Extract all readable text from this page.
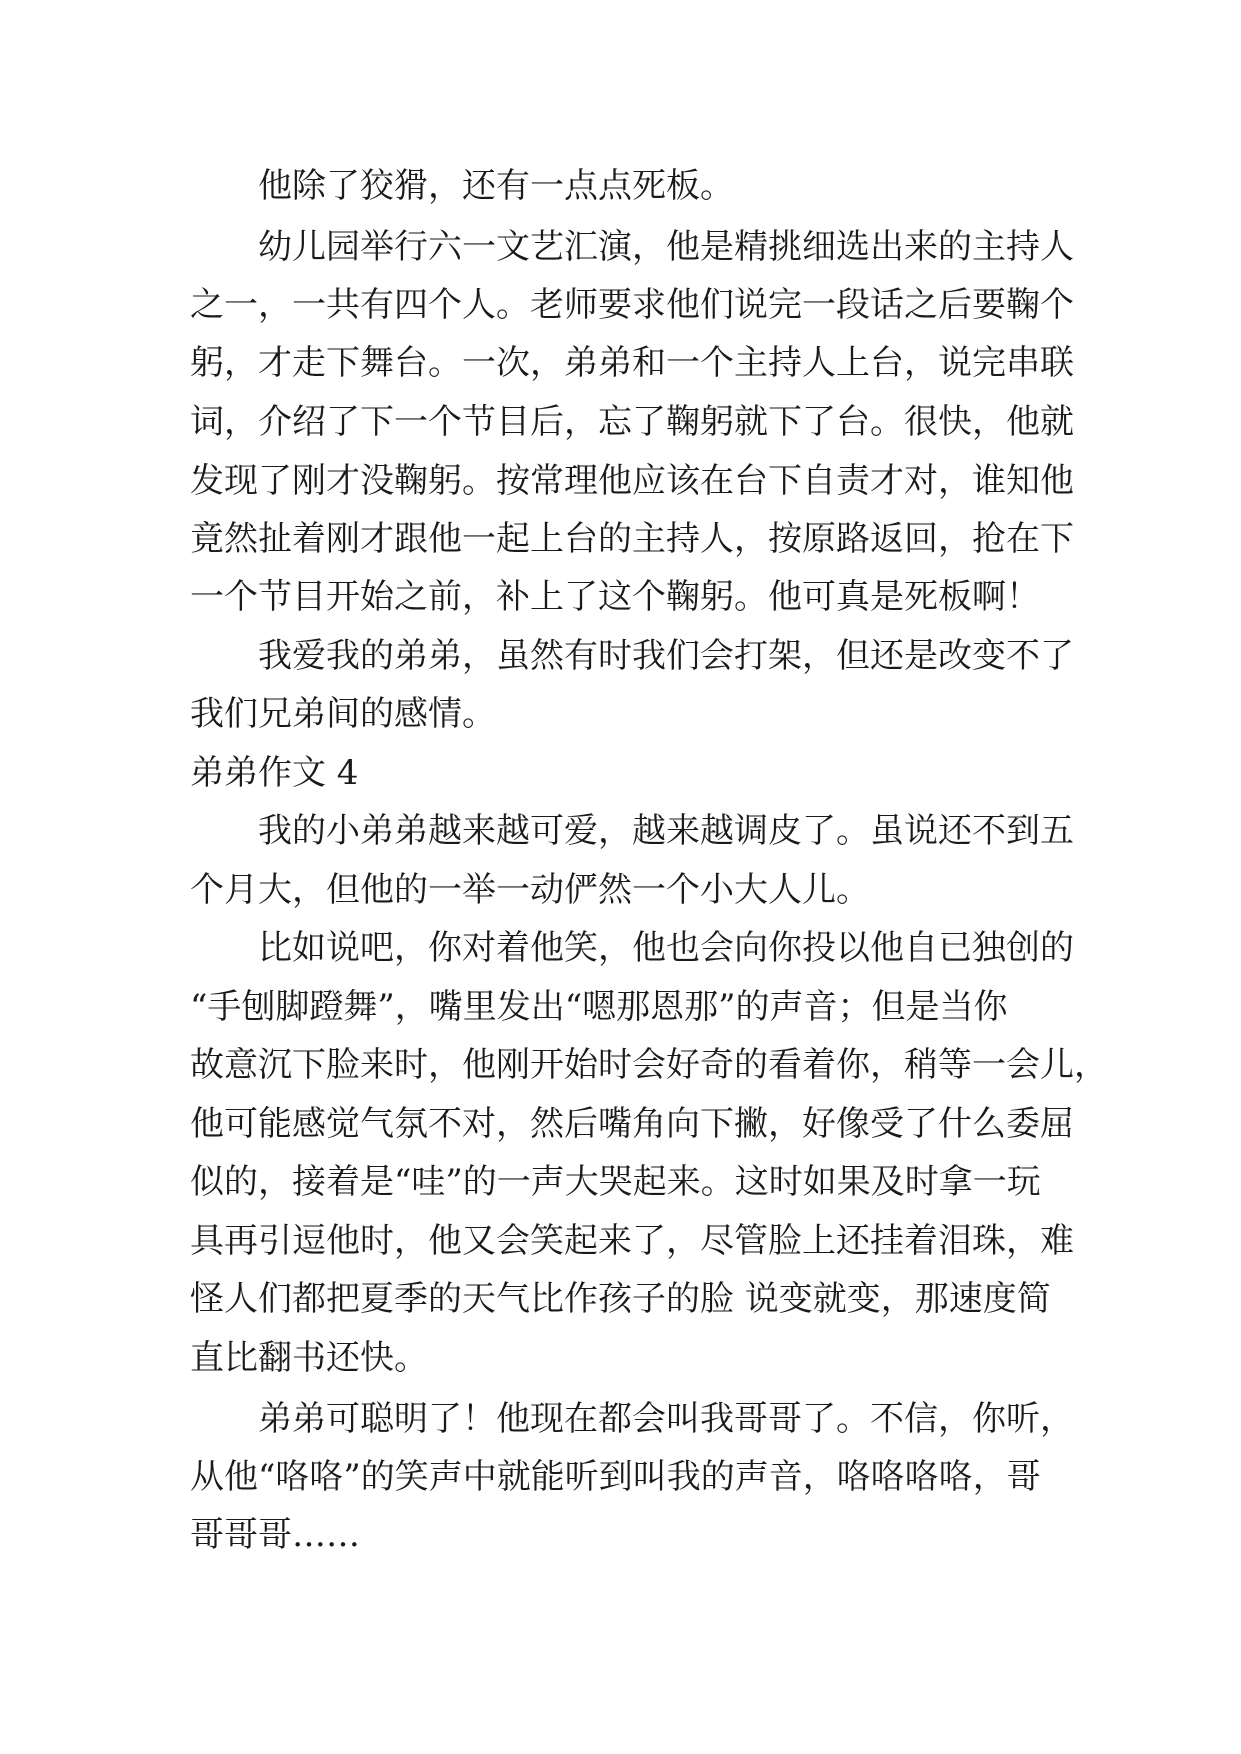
他除了狡猾，还有一点点死板。

幼儿园举行六一文艺汇演，他是精挑细选出来的主持人

之一，一共有四个人。老师要求他们说完一段话之后要鞠个

躬，才走下舞台。一次，弟弟和一个主持人上台，说完串联

词，介绍了下一个节目后，忘了鞠躬就下了台。很快，他就

发现了刚才没鞠躬。按常理他应该在台下自责才对，谁知他

竟然扯着刚才跟他一起上台的主持人，按原路返回，抢在下

一个节目开始之前，补上了这个鞠躬。他可真是死板啊！

我爱我的弟弟，虽然有时我们会打架，但还是改变不了

我们兄弟间的感情。

弟弟作文 4

我的小弟弟越来越可爱，越来越调皮了。虽说还不到五

个月大，但他的一举一动俨然一个小大人儿。

比如说吧，你对着他笑，他也会向你投以他自已独创的

“手刨脚蹬舞”，嘴里发出“嗯那恩那”的声音；但是当你

故意沉下脸来时，他刚开始时会好奇的看着你，稍等一会儿，

他可能感觉气氛不对，然后嘴角向下撇，好像受了什么委屈

似的，接着是“哇”的一声大哭起来。这时如果及时拿一玩

具再引逗他时，他又会笑起来了，尽管脸上还挂着泪珠，难

怪人们都把夏季的天气比作孩子的脸 说变就变，那速度简

直比翻书还快。

弟弟可聪明了！他现在都会叫我哥哥了。不信，你听，

从他“咯咯”的笑声中就能听到叫我的声音，咯咯咯咯，哥

哥哥哥……
